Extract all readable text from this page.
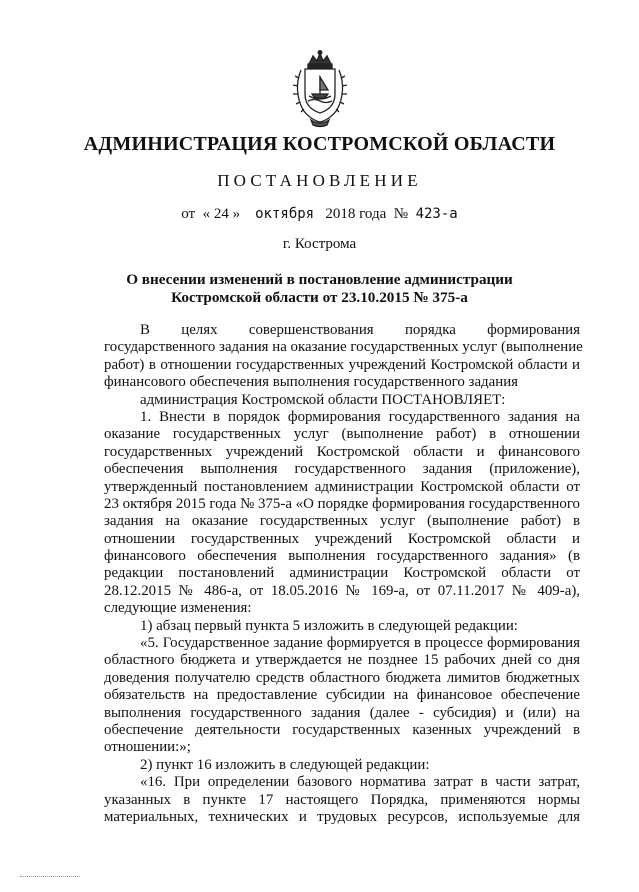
АДМИНИСТРАЦИЯ КОСТРОМСКОЙ ОБЛАСТИ
ПОСТАНОВЛЕНИЕ
от  « 24 » октября 2018 года  № 423-а
г. Кострома
О внесении изменений в постановление администрации
Костромской области от 23.10.2015 № 375-а
В целях совершенствования порядка формирования
государственного задания на оказание государственных услуг (выполнение
работ) в отношении государственных учреждений Костромской области и
финансового обеспечения выполнения государственного задания
администрация Костромской области ПОСТАНОВЛЯЕТ:
1. Внести в порядок формирования государственного задания на
оказание государственных услуг (выполнение работ) в отношении
государственных учреждений Костромской области и финансового
обеспечения выполнения государственного задания (приложение),
утвержденный постановлением администрации Костромской области от
23 октября 2015 года № 375-а «О порядке формирования государственного
задания на оказание государственных услуг (выполнение работ) в
отношении государственных учреждений Костромской области и
финансового обеспечения выполнения государственного задания» (в
редакции постановлений администрации Костромской области от
28.12.2015 № 486-а, от 18.05.2016 № 169-а, от 07.11.2017 № 409-а),
следующие изменения:
1) абзац первый пункта 5 изложить в следующей редакции:
«5. Государственное задание формируется в процессе формирования
областного бюджета и утверждается не позднее 15 рабочих дней со дня
доведения получателю средств областного бюджета лимитов бюджетных
обязательств на предоставление субсидии на финансовое обеспечение
выполнения государственного задания (далее - субсидия) и (или) на
обеспечение деятельности государственных казенных учреждений в
отношении:»;
2) пункт 16 изложить в следующей редакции:
«16. При определении базового норматива затрат в части затрат,
указанных в пункте 17 настоящего Порядка, применяются нормы
материальных, технических и трудовых ресурсов, используемые для
